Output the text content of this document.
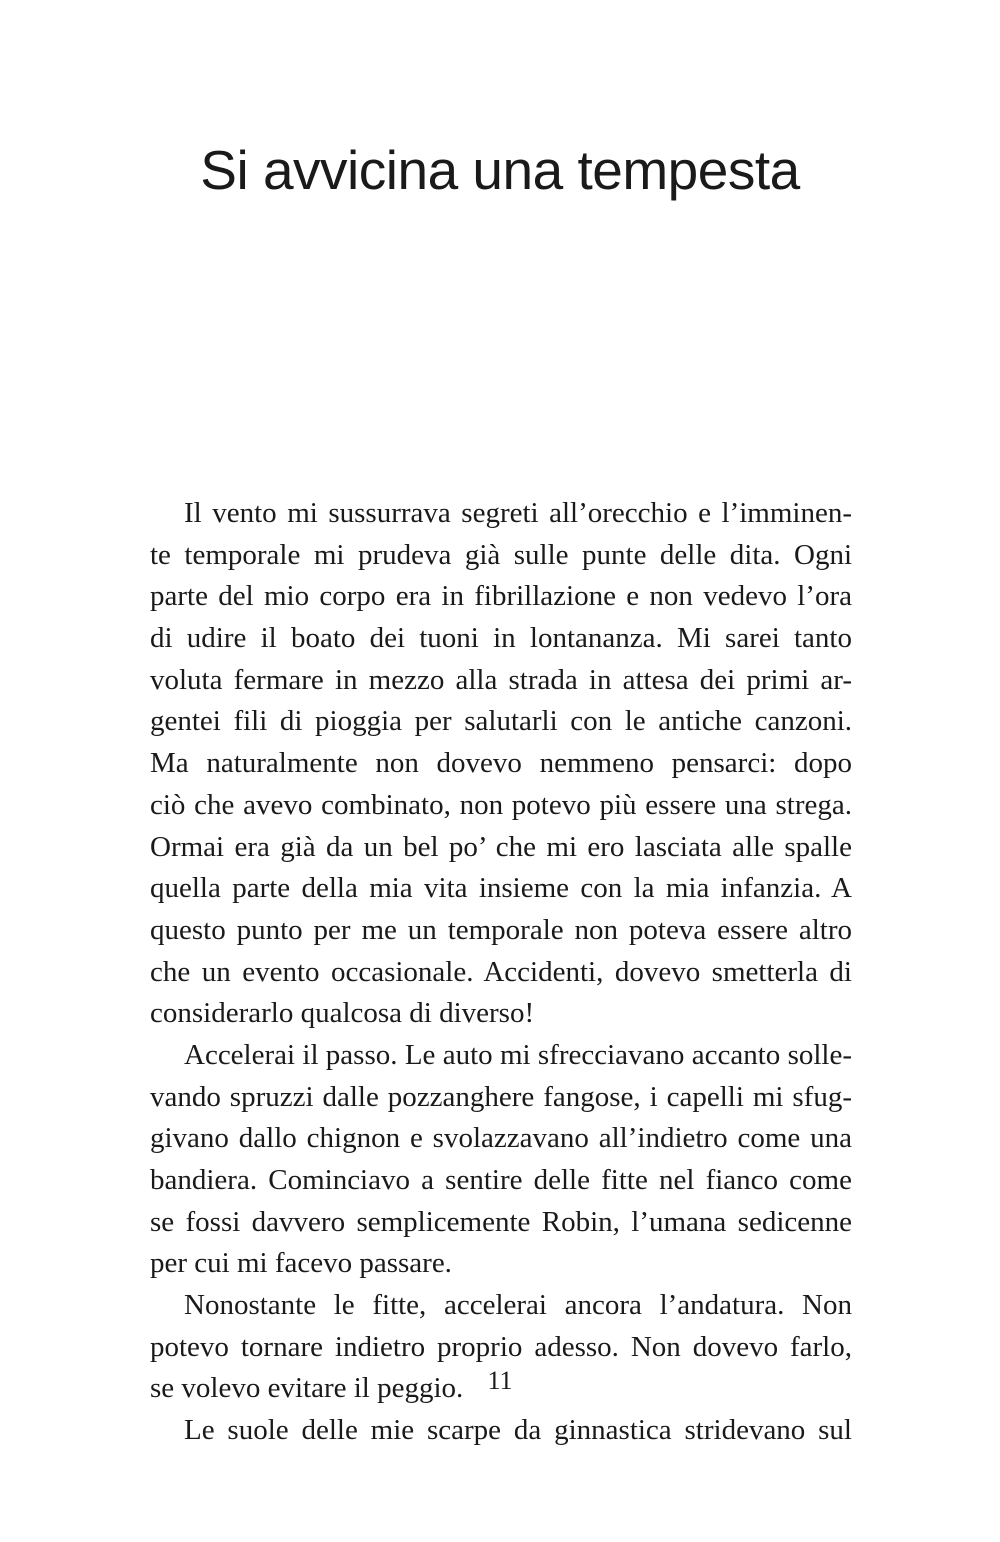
Si avvicina una tempesta
Il vento mi sussurrava segreti all’orecchio e l’imminen-
te temporale mi prudeva già sulle punte delle dita. Ogni
parte del mio corpo era in fibrillazione e non vedevo l’ora
di udire il boato dei tuoni in lontananza. Mi sarei tanto
voluta fermare in mezzo alla strada in attesa dei primi ar-
gentei fili di pioggia per salutarli con le antiche canzoni.
Ma naturalmente non dovevo nemmeno pensarci: dopo
ciò che avevo combinato, non potevo più essere una strega.
Ormai era già da un bel po’ che mi ero lasciata alle spalle
quella parte della mia vita insieme con la mia infanzia. A
questo punto per me un temporale non poteva essere altro
che un evento occasionale. Accidenti, dovevo smetterla di
considerarlo qualcosa di diverso!
Accelerai il passo. Le auto mi sfrecciavano accanto solle-
vando spruzzi dalle pozzanghere fangose, i capelli mi sfug-
givano dallo chignon e svolazzavano all’indietro come una
bandiera. Cominciavo a sentire delle fitte nel fianco come
se fossi davvero semplicemente Robin, l’umana sedicenne
per cui mi facevo passare.
Nonostante le fitte, accelerai ancora l’andatura. Non
potevo tornare indietro proprio adesso. Non dovevo farlo,
se volevo evitare il peggio.
Le suole delle mie scarpe da ginnastica stridevano sul
11
